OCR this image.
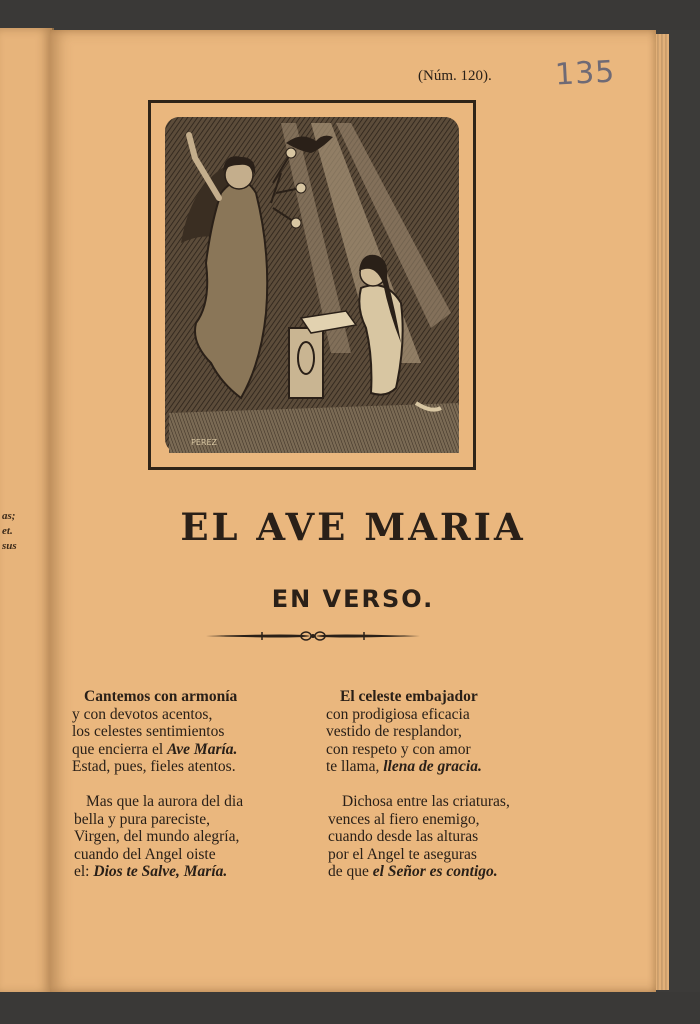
as;
et.
sus
(Núm. 120). 135
PEREZ
EL AVE MARIA
EN VERSO.
Cantemos con armonía
y con devotos acentos,
los celestes sentimientos
que encierra el Ave María.
Estad, pues, fieles atentos.
Mas que la aurora del dia
bella y pura pareciste,
Virgen, del mundo alegría,
cuando del Angel oiste
el: Dios te Salve, María.
El celeste embajador
con prodigiosa eficacia
vestido de resplandor,
con respeto y con amor
te llama, llena de gracia.
Dichosa entre las criaturas,
vences al fiero enemigo,
cuando desde las alturas
por el Angel te aseguras
de que el Señor es contigo.
